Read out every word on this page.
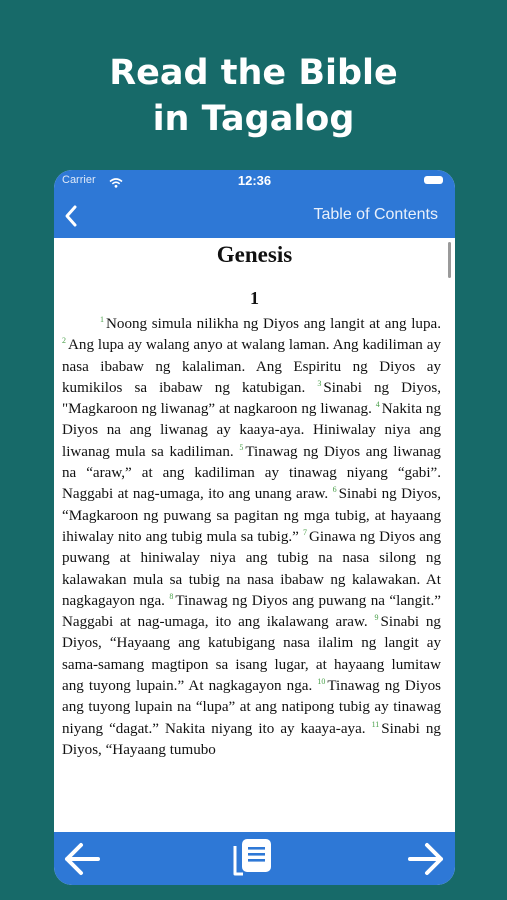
Read the Bible
in Tagalog
Carrier	12:36
Table of Contents
Genesis
1

$^1$ Noong simula nilikha ng Diyos ang langit at ang lupa. $^2$ Ang lupa ay walang anyo at walang laman. Ang kadiliman ay nasa ibabaw ng kalaliman. Ang Espiritu ng Diyos ay kumikilos sa ibabaw ng katubigan. $^3$ Sinabi ng Diyos, "Magkaroon ng liwanag” at nagkaroon ng liwanag. $^4$ Nakita ng Diyos na ang liwanag ay kaaya-aya. Hiniwalay niya ang liwanag mula sa kadiliman. $^5$ Tinawag ng Diyos ang liwanag na “araw,” at ang kadiliman ay tinawag niyang “gabi”. Naggabi at nag-umaga, ito ang unang araw. $^6$ Sinabi ng Diyos, “Magkaroon ng puwang sa pagitan ng mga tubig, at hayaang ihiwalay nito ang tubig mula sa tubig.” $^7$ Ginawa ng Diyos ang puwang at hiniwalay niya ang tubig na nasa silong ng kalawakan mula sa tubig na nasa ibabaw ng kalawakan. At nagkagayon nga. $^8$ Tinawag ng Diyos ang puwang na “langit.” Naggabi at nag-umaga, ito ang ikalawang araw. $^9$ Sinabi ng Diyos, “Hayaang ang katubigang nasa ilalim ng langit ay sama-samang magtipon sa isang lugar, at hayaang lumitaw ang tuyong lupain.” At nagkagayon nga. $^{10}$ Tinawag ng Diyos ang tuyong lupain na “lupa” at ang natipong tubig ay tinawag niyang “dagat.” Nakita niyang ito ay kaaya-aya. $^{11}$ Sinabi ng Diyos, “Hayaang tumubo
